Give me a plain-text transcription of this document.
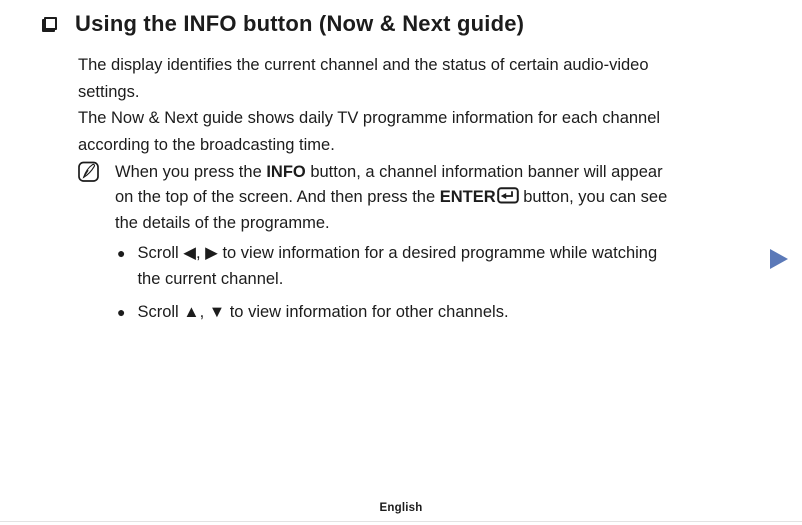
Using the INFO button (Now & Next guide)
The display identifies the current channel and the status of certain audio-video
settings.
The Now & Next guide shows daily TV programme information for each channel
according to the broadcasting time.
When you press the INFO button, a channel information banner will appear
on the top of the screen. And then press the ENTER button, you can see
the details of the programme.
● Scroll ◀, ▶ to view information for a desired programme while watching
the current channel.
● Scroll ▲, ▼ to view information for other channels.
English
